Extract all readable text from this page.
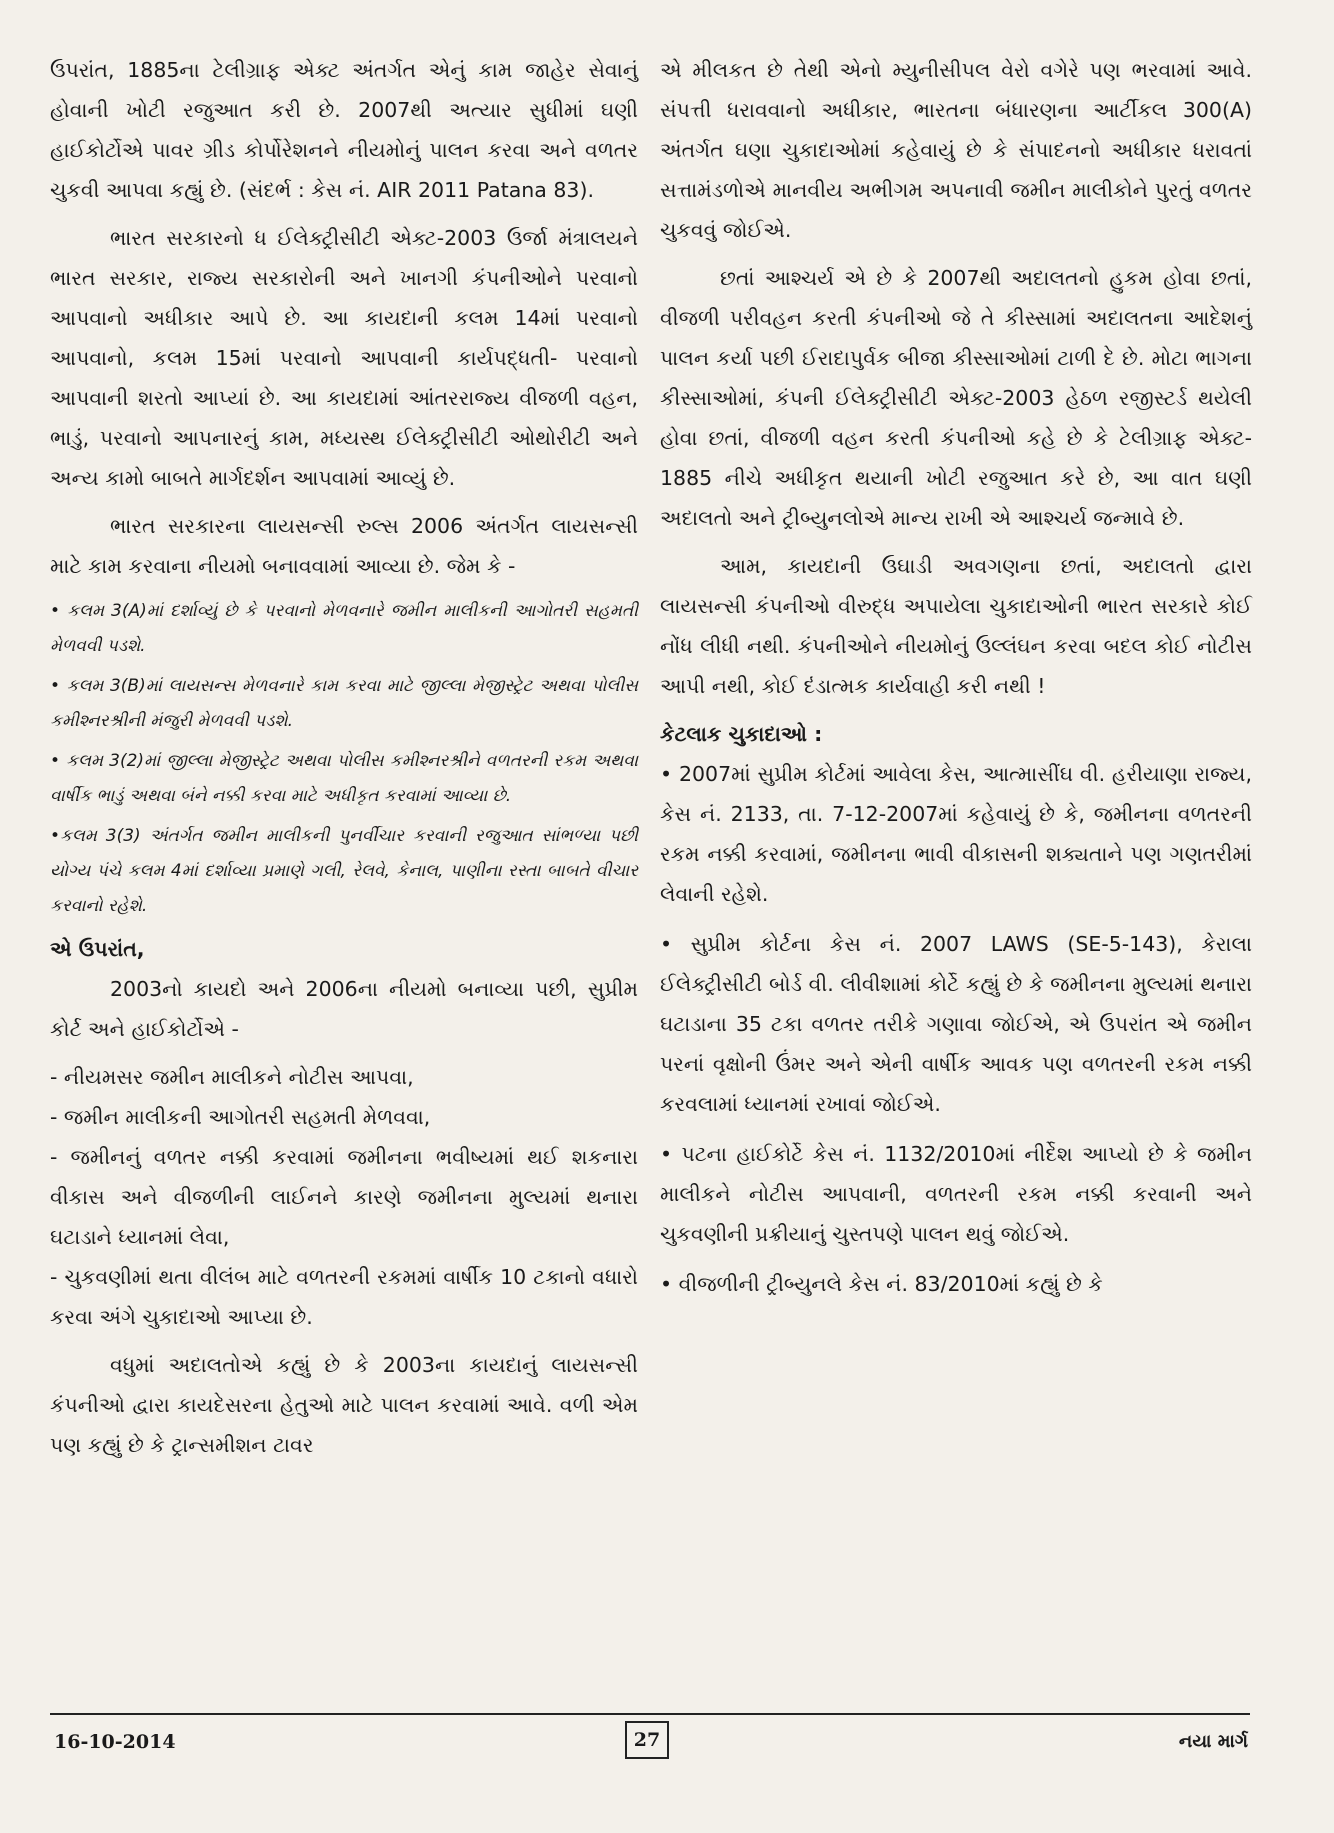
ઉપરાંત, 1885ના ટેલીગ્રાફ એક્ટ અંતર્ગત એનું કામ જાહેર સેવાનું હોવાની ખોટી રજુઆત કરી છે. 2007થી અત્યાર સુધીમાં ઘણી હાઈકોર્ટોએ પાવર ગ્રીડ કોર્પોરેશનને નીયમોનું પાલન કરવા અને વળતર ચુકવી આપવા કહ્યું છે. (સંદર્ભ : કેસ નં. AIR 2011 Patana 83).

ભારત સરકારનો ધ ઈલેક્ટ્રીસીટી એક્ટ-2003 ઉર્જા મંત્રાલયને ભારત સરકાર, રાજ્ય સરકારોની અને ખાનગી કંપનીઓને પરવાનો આપવાનો અધીકાર આપે છે. આ કાયદાની કલમ 14માં પરવાનો આપવાનો, કલમ 15માં પરવાનો આપવાની કાર્યપદ્ધતી- પરવાનો આપવાની શરતો આપ્યાં છે. આ કાયદામાં આંતરરાજ્ય વીજળી વહન, ભાડું, પરવાનો આપનારનું કામ, મધ્યસ્થ ઈલેક્ટ્રીસીટી ઓથોરીટી અને અન્ય કામો બાબતે માર્ગદર્શન આપવામાં આવ્યું છે.

ભારત સરકારના લાયસન્સી રુલ્સ 2006 અંતર્ગત લાયસન્સી માટે કામ કરવાના નીયમો બનાવવામાં આવ્યા છે. જેમ કે -

• કલમ 3(A)માં દર્શાવ્યું છે કે પરવાનો મેળવનારે જમીન માલીકની આગોતરી સહમતી મેળવવી પડશે.

• કલમ 3(B)માં લાયસન્સ મેળવનારે કામ કરવા માટે જીલ્લા મેજીસ્ટ્રેટ અથવા પોલીસ કમીશ્નરશ્રીની મંજુરી મેળવવી પડશે.

• કલમ 3(2)માં જીલ્લા મેજીસ્ટ્રેટ અથવા પોલીસ કમીશ્નરશ્રીને વળતરની રકમ અથવા વાર્ષીક ભાડું અથવા બંને નક્કી કરવા માટે અધીકૃત કરવામાં આવ્યા છે.

•કલમ 3(3) અંતર્ગત જમીન માલીકની પુનર્વીચાર કરવાની રજુઆત સાંભળ્યા પછી યોગ્ય પંચે કલમ 4માં દર્શાવ્યા પ્રમાણે ગલી, રેલવે, કેનાલ, પાણીના રસ્તા બાબતે વીચાર કરવાનો રહેશે.

એ ઉપરાંત,

2003નો કાયદો અને 2006ના નીયમો બનાવ્યા પછી, સુપ્રીમ કોર્ટ અને હાઈકોર્ટોએ -

- નીયમસર જમીન માલીકને નોટીસ આપવા,

- જમીન માલીકની આગોતરી સહમતી મેળવવા,

- જમીનનું વળતર નક્કી કરવામાં જમીનના ભવીષ્યમાં થઈ શકનારા વીકાસ અને વીજળીની લાઈનને કારણે જમીનના મુલ્યમાં થનારા ઘટાડાને ધ્યાનમાં લેવા,

- ચુકવણીમાં થતા વીલંબ માટે વળતરની રકમમાં વાર્ષીક 10 ટકાનો વધારો કરવા અંગે ચુકાદાઓ આપ્યા છે.

વધુમાં અદાલતોએ કહ્યું છે કે 2003ના કાયદાનું લાયસન્સી કંપનીઓ દ્વારા કાયદેસરના હેતુઓ માટે પાલન કરવામાં આવે. વળી એમ પણ કહ્યું છે કે ટ્રાન્સમીશન ટાવર

એ મીલકત છે તેથી એનો મ્યુનીસીપલ વેરો વગેરે પણ ભરવામાં આવે. સંપત્તી ધરાવવાનો અધીકાર, ભારતના બંધારણના આર્ટીકલ 300(A) અંતર્ગત ઘણા ચુકાદાઓમાં કહેવાયું છે કે સંપાદનનો અધીકાર ધરાવતાં સત્તામંડળોએ માનવીય અભીગમ અપનાવી જમીન માલીકોને પુરતું વળતર ચુકવવું જોઈએ.

છતાં આશ્ચર્ય એ છે કે 2007થી અદાલતનો હુકમ હોવા છતાં, વીજળી પરીવહન કરતી કંપનીઓ જે તે કીસ્સામાં અદાલતના આદેશનું પાલન કર્યા પછી ઈરાદાપુર્વક બીજા કીસ્સાઓમાં ટાળી દે છે. મોટા ભાગના કીસ્સાઓમાં, કંપની ઈલેક્ટ્રીસીટી એક્ટ-2003 હેઠળ રજીસ્ટર્ડ થયેલી હોવા છતાં, વીજળી વહન કરતી કંપનીઓ કહે છે કે ટેલીગ્રાફ એક્ટ- 1885 નીચે અધીકૃત થયાની ખોટી રજુઆત કરે છે, આ વાત ઘણી અદાલતો અને ટ્રીબ્યુનલોએ માન્ય રાખી એ આશ્ચર્ય જન્માવે છે.

આમ, કાયદાની ઉઘાડી અવગણના છતાં, અદાલતો દ્વારા લાયસન્સી કંપનીઓ વીરુદ્ધ અપાયેલા ચુકાદાઓની ભારત સરકારે કોઈ નોંધ લીધી નથી. કંપનીઓને નીયમોનું ઉલ્લંઘન કરવા બદલ કોઈ નોટીસ આપી નથી, કોઈ દંડાત્મક કાર્યવાહી કરી નથી !

કેટલાક ચુકાદાઓ :

• 2007માં સુપ્રીમ કોર્ટમાં આવેલા કેસ, આત્માસીંઘ વી. હરીયાણા રાજ્ય, કેસ નં. 2133, તા. 7-12-2007માં કહેવાયું છે કે, જમીનના વળતરની રકમ નક્કી કરવામાં, જમીનના ભાવી વીકાસની શક્યતાને પણ ગણતરીમાં લેવાની રહેશે.

• સુપ્રીમ કોર્ટના કેસ નં. 2007 LAWS (SE-5-143), કેરાલા ઈલેક્ટ્રીસીટી બોર્ડ વી. લીવીશામાં કોર્ટે કહ્યું છે કે જમીનના મુલ્યમાં થનારા ઘટાડાના 35 ટકા વળતર તરીકે ગણાવા જોઈએ, એ ઉપરાંત એ જમીન પરનાં વૃક્ષોની ઉંમર અને એની વાર્ષીક આવક પણ વળતરની રકમ નક્કી કરવલામાં ધ્યાનમાં રખાવાં જોઈએ.

• પટના હાઈકોર્ટે કેસ નં. 1132/2010માં નીર્દેશ આપ્યો છે કે જમીન માલીકને નોટીસ આપવાની, વળતરની રકમ નક્કી કરવાની અને ચુકવણીની પ્રક્રીયાનું ચુસ્તપણે પાલન થવું જોઈએ.

• વીજળીની ટ્રીબ્યુનલે કેસ નં. 83/2010માં કહ્યું છે કે

16-10-2014	27	નયા માર્ગ
